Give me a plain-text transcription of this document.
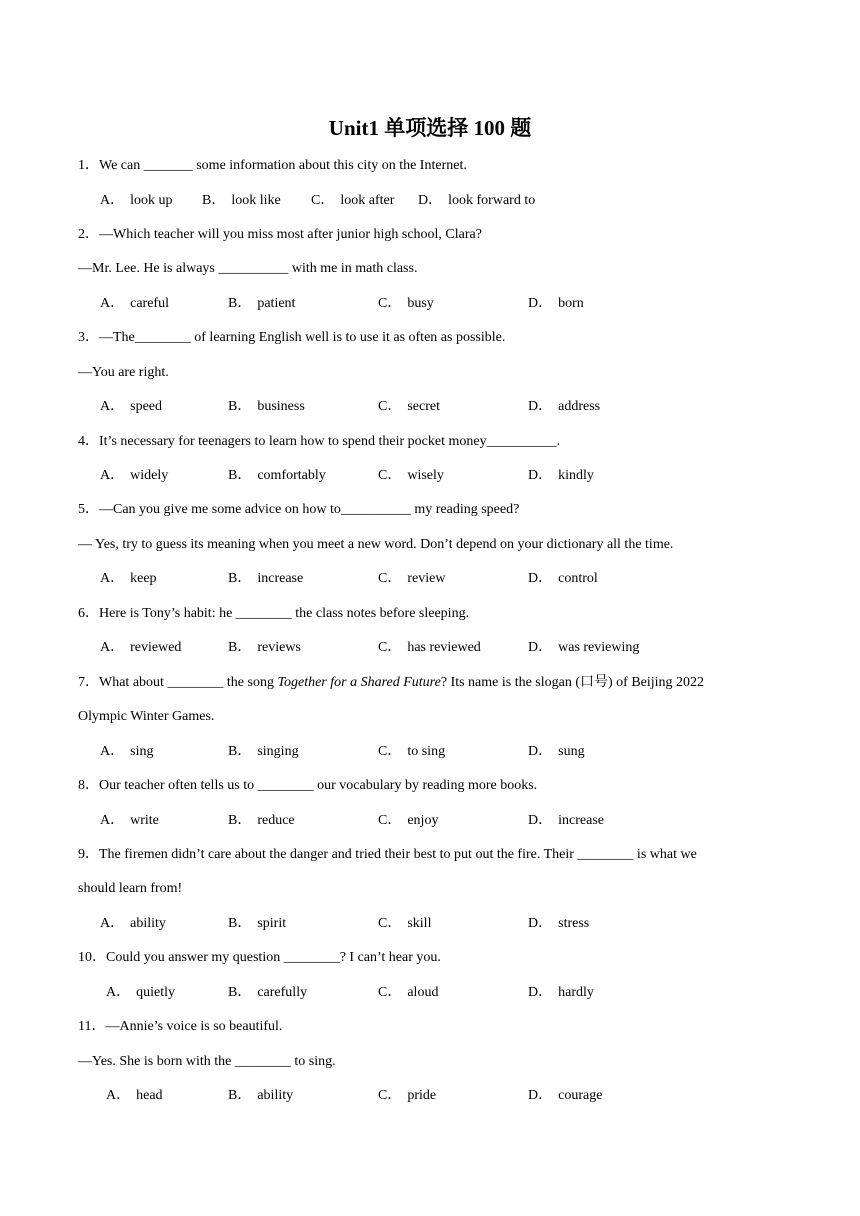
Unit1 单项选择 100 题
1．We can _______ some information about this city on the Internet.
A． look up B． look like C． look after D． look forward to
2．—Which teacher will you miss most after junior high school, Clara?
—Mr. Lee. He is always __________ with me in math class.
A． careful	B． patient	C． busy	D． born
3．—The________ of learning English well is to use it as often as possible.
—You are right.
A． speed	B． business	C． secret	D． address
4．It’s necessary for teenagers to learn how to spend their pocket money__________.
A． widely	B． comfortably	C． wisely	D． kindly
5．—Can you give me some advice on how to__________ my reading speed?
— Yes, try to guess its meaning when you meet a new word. Don’t depend on your dictionary all the time.
A． keep	B． increase	C． review	D． control
6．Here is Tony’s habit: he ________ the class notes before sleeping.
A． reviewed	B． reviews	C． has reviewed	D． was reviewing
7．What about ________ the song Together for a Shared Future? Its name is the slogan (口号) of Beijing 2022
Olympic Winter Games.
A． sing	B． singing	C． to sing	D． sung
8．Our teacher often tells us to ________ our vocabulary by reading more books.
A． write	B． reduce	C． enjoy	D． increase
9．The firemen didn’t care about the danger and tried their best to put out the fire. Their ________ is what we
should learn from!
A． ability	B． spirit	C． skill	D． stress
10．Could you answer my question ________? I can’t hear you.
A． quietly	B． carefully	C． aloud	D． hardly
11．—Annie’s voice is so beautiful.
—Yes. She is born with the ________ to sing.
A． head	B． ability	C． pride	D． courage
